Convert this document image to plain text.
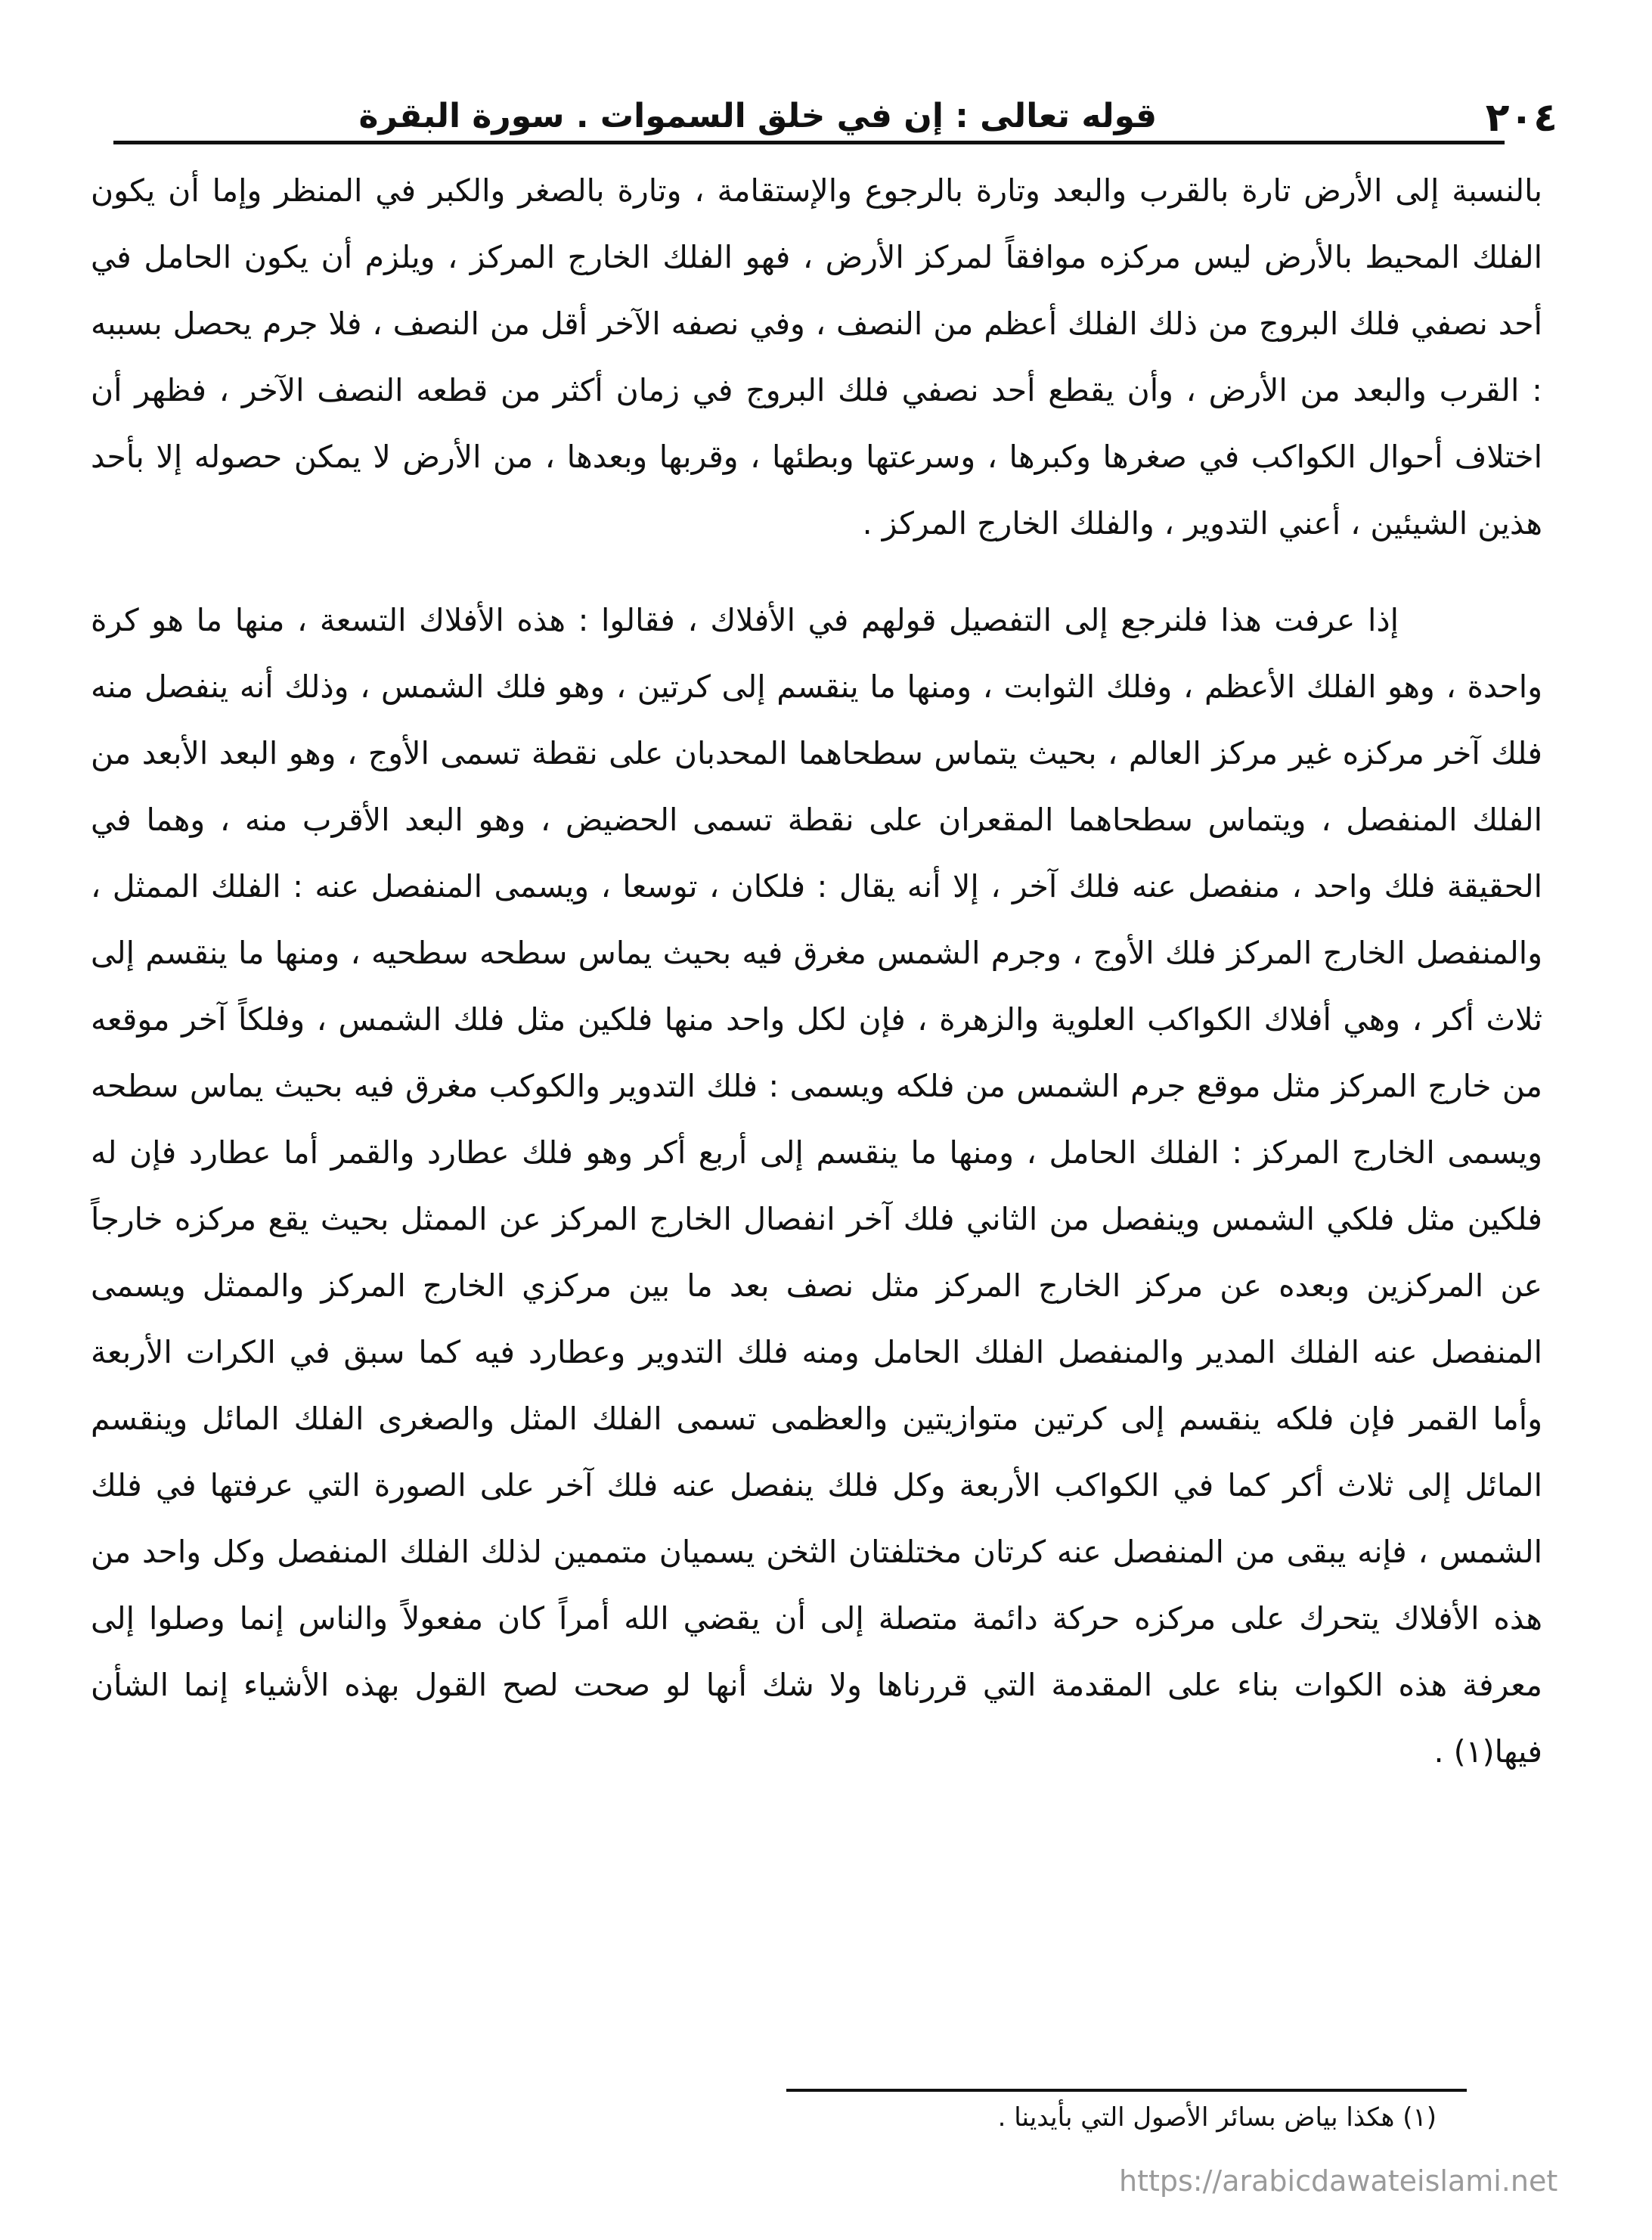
٢٠٤
قوله تعالى : إن في خلق السموات . سورة البقرة

بالنسبة إلى الأرض تارة بالقرب والبعد وتارة بالرجوع والإستقامة ، وتارة بالصغر والكبر في المنظر وإما أن يكون الفلك المحيط بالأرض ليس مركزه موافقاً لمركز الأرض ، فهو الفلك الخارج المركز ، ويلزم أن يكون الحامل في أحد نصفي فلك البروج من ذلك الفلك أعظم من النصف ، وفي نصفه الآخر أقل من النصف ، فلا جرم يحصل بسببه : القرب والبعد من الأرض ، وأن يقطع أحد نصفي فلك البروج في زمان أكثر من قطعه النصف الآخر ، فظهر أن اختلاف أحوال الكواكب في صغرها وكبرها ، وسرعتها وبطئها ، وقربها وبعدها ، من الأرض لا يمكن حصوله إلا بأحد هذين الشيئين ، أعني التدوير ، والفلك الخارج المركز .

إذا عرفت هذا فلنرجع إلى التفصيل قولهم في الأفلاك ، فقالوا : هذه الأفلاك التسعة ، منها ما هو كرة واحدة ، وهو الفلك الأعظم ، وفلك الثوابت ، ومنها ما ينقسم إلى كرتين ، وهو فلك الشمس ، وذلك أنه ينفصل منه فلك آخر مركزه غير مركز العالم ، بحيث يتماس سطحاهما المحدبان على نقطة تسمى الأوج ، وهو البعد الأبعد من الفلك المنفصل ، ويتماس سطحاهما المقعران على نقطة تسمى الحضيض ، وهو البعد الأقرب منه ، وهما في الحقيقة فلك واحد ، منفصل عنه فلك آخر ، إلا أنه يقال : فلكان ، توسعا ، ويسمى المنفصل عنه : الفلك الممثل ، والمنفصل الخارج المركز فلك الأوج ، وجرم الشمس مغرق فيه بحيث يماس سطحه سطحيه ، ومنها ما ينقسم إلى ثلاث أكر ، وهي أفلاك الكواكب العلوية والزهرة ، فإن لكل واحد منها فلكين مثل فلك الشمس ، وفلكاً آخر موقعه من خارج المركز مثل موقع جرم الشمس من فلكه ويسمى : فلك التدوير والكوكب مغرق فيه بحيث يماس سطحه ويسمى الخارج المركز : الفلك الحامل ، ومنها ما ينقسم إلى أربع أكر وهو فلك عطارد والقمر أما عطارد فإن له فلكين مثل فلكي الشمس وينفصل من الثاني فلك آخر انفصال الخارج المركز عن الممثل بحيث يقع مركزه خارجاً عن المركزين وبعده عن مركز الخارج المركز مثل نصف بعد ما بين مركزي الخارج المركز والممثل ويسمى المنفصل عنه الفلك المدير والمنفصل الفلك الحامل ومنه فلك التدوير وعطارد فيه كما سبق في الكرات الأربعة وأما القمر فإن فلكه ينقسم إلى كرتين متوازيتين والعظمى تسمى الفلك المثل والصغرى الفلك المائل وينقسم المائل إلى ثلاث أكر كما في الكواكب الأربعة وكل فلك ينفصل عنه فلك آخر على الصورة التي عرفتها في فلك الشمس ، فإنه يبقى من المنفصل عنه كرتان مختلفتان الثخن يسميان متممين لذلك الفلك المنفصل وكل واحد من هذه الأفلاك يتحرك على مركزه حركة دائمة متصلة إلى أن يقضي الله أمراً كان مفعولاً والناس إنما وصلوا إلى معرفة هذه الكوات بناء على المقدمة التي قررناها ولا شك أنها لو صحت لصح القول بهذه الأشياء إنما الشأن فيها(١) .

(١) هكذا بياض بسائر الأصول التي بأيدينا .
https://arabicdawateislami.net
